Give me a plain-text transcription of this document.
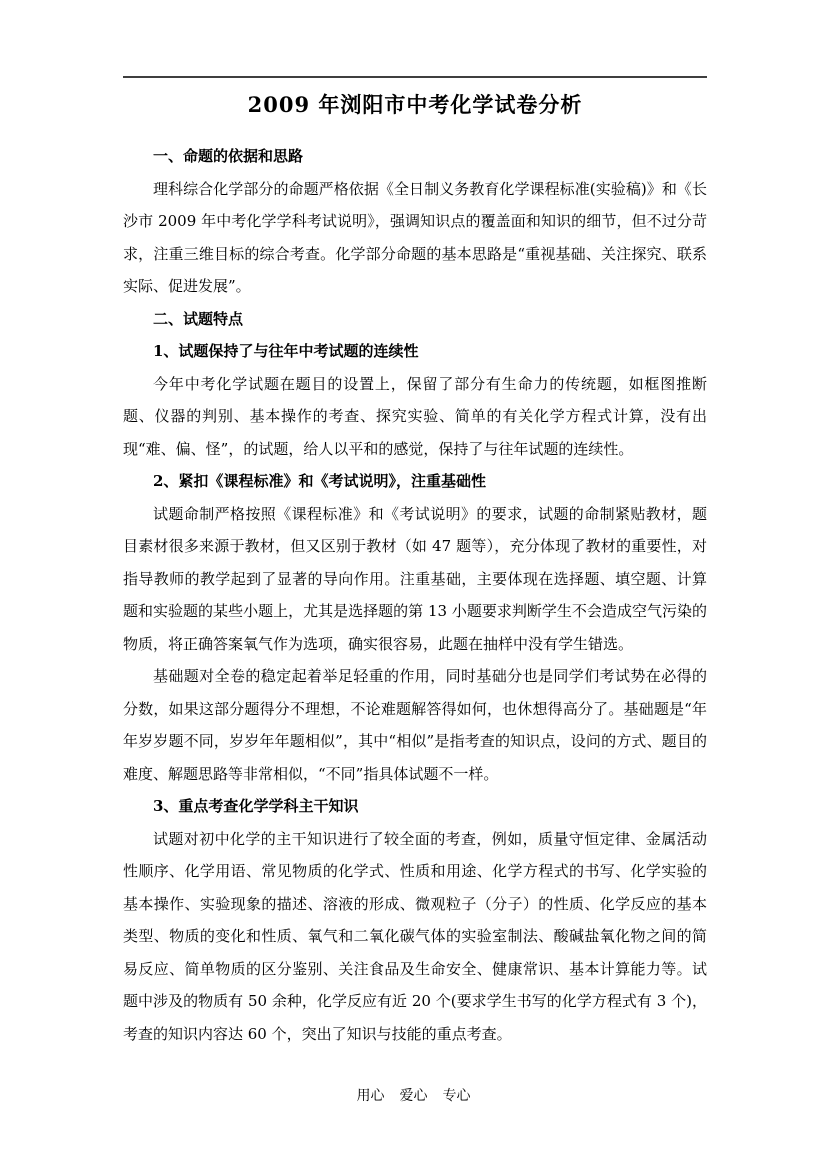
2009 年浏阳市中考化学试卷分析

一、命题的依据和思路

理科综合化学部分的命题严格依据《全日制义务教育化学课程标准(实验稿)》和《长沙市 2009 年中考化学学科考试说明》，强调知识点的覆盖面和知识的细节，但不过分苛求，注重三维目标的综合考查。化学部分命题的基本思路是“重视基础、关注探究、联系实际、促进发展”。

二、试题特点

1、试题保持了与往年中考试题的连续性

今年中考化学试题在题目的设置上，保留了部分有生命力的传统题，如框图推断题、仪器的判别、基本操作的考查、探究实验、简单的有关化学方程式计算，没有出现“难、偏、怪”，的试题，给人以平和的感觉，保持了与往年试题的连续性。

2、紧扣《课程标准》和《考试说明》，注重基础性

试题命制严格按照《课程标准》和《考试说明》的要求，试题的命制紧贴教材，题目素材很多来源于教材，但又区别于教材（如 47 题等），充分体现了教材的重要性，对指导教师的教学起到了显著的导向作用。注重基础，主要体现在选择题、填空题、计算题和实验题的某些小题上，尤其是选择题的第 13 小题要求判断学生不会造成空气污染的物质，将正确答案氧气作为选项，确实很容易，此题在抽样中没有学生错选。

基础题对全卷的稳定起着举足轻重的作用，同时基础分也是同学们考试势在必得的分数，如果这部分题得分不理想，不论难题解答得如何，也休想得高分了。基础题是“年年岁岁题不同，岁岁年年题相似”，其中“相似”是指考查的知识点，设问的方式、题目的难度、解题思路等非常相似，“不同”指具体试题不一样。

3、重点考查化学学科主干知识

试题对初中化学的主干知识进行了较全面的考查，例如，质量守恒定律、金属活动性顺序、化学用语、常见物质的化学式、性质和用途、化学方程式的书写、化学实验的基本操作、实验现象的描述、溶液的形成、微观粒子（分子）的性质、化学反应的基本类型、物质的变化和性质、氧气和二氧化碳气体的实验室制法、酸碱盐氧化物之间的简易反应、简单物质的区分鉴别、关注食品及生命安全、健康常识、基本计算能力等。试题中涉及的物质有 50 余种，化学反应有近 20 个(要求学生书写的化学方程式有 3 个)，考查的知识内容达 60 个，突出了知识与技能的重点考查。

用心 爱心 专心
